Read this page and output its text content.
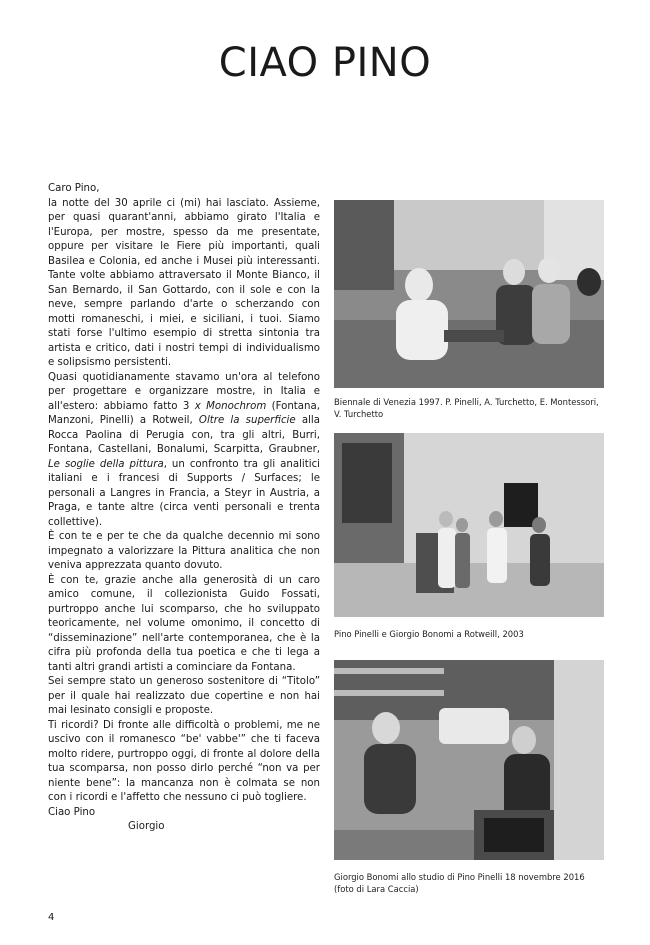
CIAO PINO

Caro Pino,

la notte del 30 aprile ci (mi) hai lasciato. Assieme, per quasi quarant'anni, abbiamo girato l'Italia e l'Europa, per mostre, spesso da me presentate, oppure per visitare le Fiere più importanti, quali Basilea e Colonia, ed anche i Musei più interessanti. Tante volte abbiamo attraversato il Monte Bianco, il San Bernardo, il San Gottardo, con il sole e con la neve, sempre parlando d'arte o scherzando con motti romaneschi, i miei, e siciliani, i tuoi. Siamo stati forse l'ultimo esempio di stretta sintonia tra artista e critico, dati i nostri tempi di individualismo e solipsismo persistenti.

Quasi quotidianamente stavamo un'ora al telefono per progettare e organizzare mostre, in Italia e all'estero: abbiamo fatto 3 x Monochrom (Fontana, Manzoni, Pinelli) a Rotweil, Oltre la superficie alla Rocca Paolina di Perugia con, tra gli altri, Burri, Fontana, Castellani, Bonalumi, Scarpitta, Graubner, Le soglie della pittura, un confronto tra gli analitici italiani e i francesi di Supports / Surfaces; le personali a Langres in Francia, a Steyr in Austria, a Praga, e tante altre (circa venti personali e trenta collettive).

È con te e per te che da qualche decennio mi sono impegnato a valorizzare la Pittura analitica che non veniva apprezzata quanto dovuto.

È con te, grazie anche alla generosità di un caro amico comune, il collezionista Guido Fossati, purtroppo anche lui scomparso, che ho sviluppato teoricamente, nel volume omonimo, il concetto di “disseminazione” nell'arte contemporanea, che è la cifra più profonda della tua poetica e che ti lega a tanti altri grandi artisti a cominciare da Fontana.

Sei sempre stato un generoso sostenitore di “Titolo” per il quale hai realizzato due copertine e non hai mai lesinato consigli e proposte.

Ti ricordi? Di fronte alle difficoltà o problemi, me ne uscivo con il romanesco “be' vabbe'” che ti faceva molto ridere, purtroppo oggi, di fronte al dolore della tua scomparsa, non posso dirlo perché “non va per niente bene”: la mancanza non è colmata se non con i ricordi e l'affetto che nessuno ci può togliere.

Ciao Pino

Giorgio

Biennale di Venezia 1997. P. Pinelli, A. Turchetto, E. Montessori, V. Turchetto
Pino Pinelli e Giorgio Bonomi a Rotweill, 2003
Giorgio Bonomi allo studio di Pino Pinelli 18 novembre 2016 (foto di Lara Caccia)
4
